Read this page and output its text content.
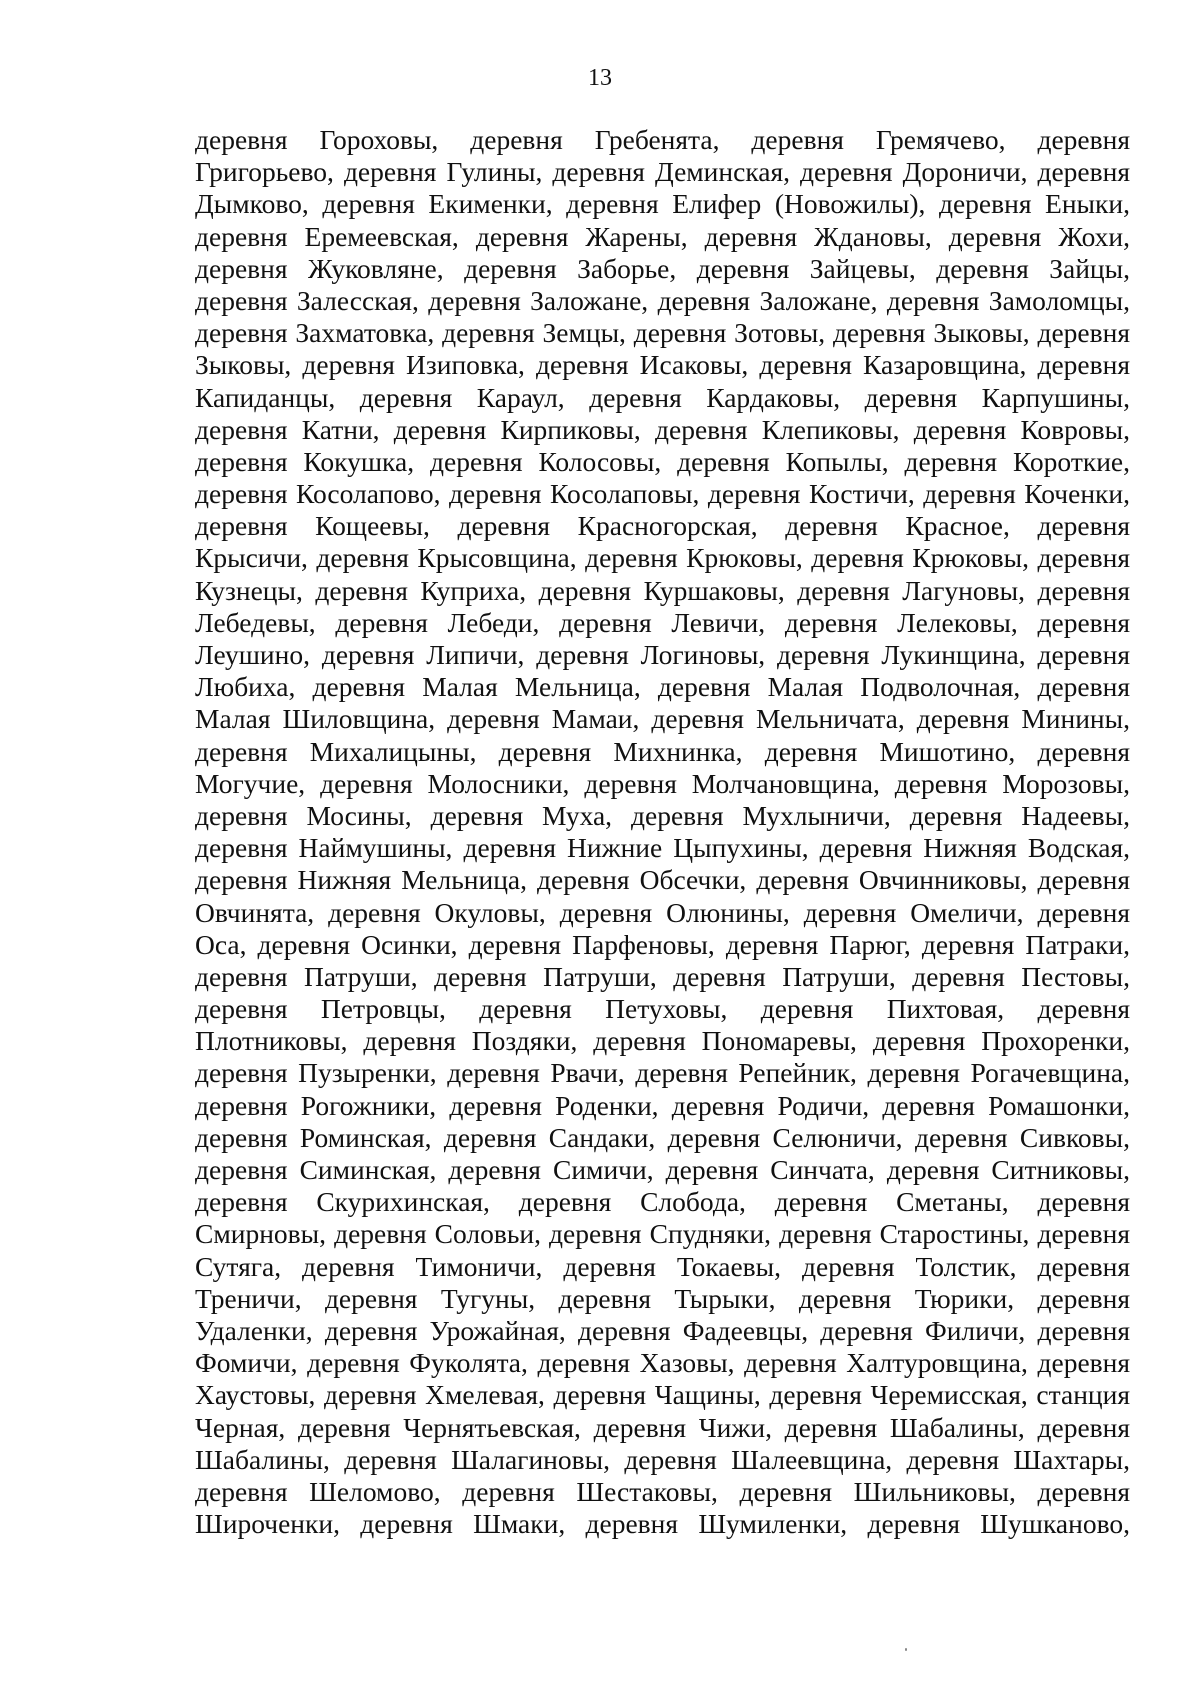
13
деревня Гороховы, деревня Гребенята, деревня Гремячево, деревня
Григорьево, деревня Гулины, деревня Деминская, деревня Дороничи, деревня
Дымково, деревня Екименки, деревня Елифер (Новожилы), деревня Еныки,
деревня Еремеевская, деревня Жарены, деревня Ждановы, деревня Жохи,
деревня Жуковляне, деревня Заборье, деревня Зайцевы, деревня Зайцы,
деревня Залесская, деревня Заложане, деревня Заложане, деревня Замоломцы,
деревня Захматовка, деревня Земцы, деревня Зотовы, деревня Зыковы, деревня
Зыковы, деревня Изиповка, деревня Исаковы, деревня Казаровщина, деревня
Капиданцы, деревня Караул, деревня Кардаковы, деревня Карпушины,
деревня Катни, деревня Кирпиковы, деревня Клепиковы, деревня Ковровы,
деревня Кокушка, деревня Колосовы, деревня Копылы, деревня Короткие,
деревня Косолапово, деревня Косолаповы, деревня Костичи, деревня Коченки,
деревня Кощеевы, деревня Красногорская, деревня Красное, деревня
Крысичи, деревня Крысовщина, деревня Крюковы, деревня Крюковы, деревня
Кузнецы, деревня Куприха, деревня Куршаковы, деревня Лагуновы, деревня
Лебедевы, деревня Лебеди, деревня Левичи, деревня Лелековы, деревня
Леушино, деревня Липичи, деревня Логиновы, деревня Лукинщина, деревня
Любиха, деревня Малая Мельница, деревня Малая Подволочная, деревня
Малая Шиловщина, деревня Мамаи, деревня Мельничата, деревня Минины,
деревня Михалицыны, деревня Михнинка, деревня Мишотино, деревня
Могучие, деревня Молосники, деревня Молчановщина, деревня Морозовы,
деревня Мосины, деревня Муха, деревня Мухлыничи, деревня Надеевы,
деревня Наймушины, деревня Нижние Цыпухины, деревня Нижняя Водская,
деревня Нижняя Мельница, деревня Обсечки, деревня Овчинниковы, деревня
Овчинята, деревня Окуловы, деревня Олюнины, деревня Омеличи, деревня
Оса, деревня Осинки, деревня Парфеновы, деревня Парюг, деревня Патраки,
деревня Патруши, деревня Патруши, деревня Патруши, деревня Пестовы,
деревня Петровцы, деревня Петуховы, деревня Пихтовая, деревня
Плотниковы, деревня Поздяки, деревня Пономаревы, деревня Прохоренки,
деревня Пузыренки, деревня Рвачи, деревня Репейник, деревня Рогачевщина,
деревня Рогожники, деревня Роденки, деревня Родичи, деревня Ромашонки,
деревня Роминская, деревня Сандаки, деревня Селюничи, деревня Сивковы,
деревня Симинская, деревня Симичи, деревня Синчата, деревня Ситниковы,
деревня Скурихинская, деревня Слобода, деревня Сметаны, деревня
Смирновы, деревня Соловьи, деревня Спудняки, деревня Старостины, деревня
Сутяга, деревня Тимоничи, деревня Токаевы, деревня Толстик, деревня
Треничи, деревня Тугуны, деревня Тырыки, деревня Тюрики, деревня
Удаленки, деревня Урожайная, деревня Фадеевцы, деревня Филичи, деревня
Фомичи, деревня Фуколята, деревня Хазовы, деревня Халтуровщина, деревня
Хаустовы, деревня Хмелевая, деревня Чащины, деревня Черемисская, станция
Черная, деревня Чернятьевская, деревня Чижи, деревня Шабалины, деревня
Шабалины, деревня Шалагиновы, деревня Шалеевщина, деревня Шахтары,
деревня Шеломово, деревня Шестаковы, деревня Шильниковы, деревня
Широченки, деревня Шмаки, деревня Шумиленки, деревня Шушканово,
